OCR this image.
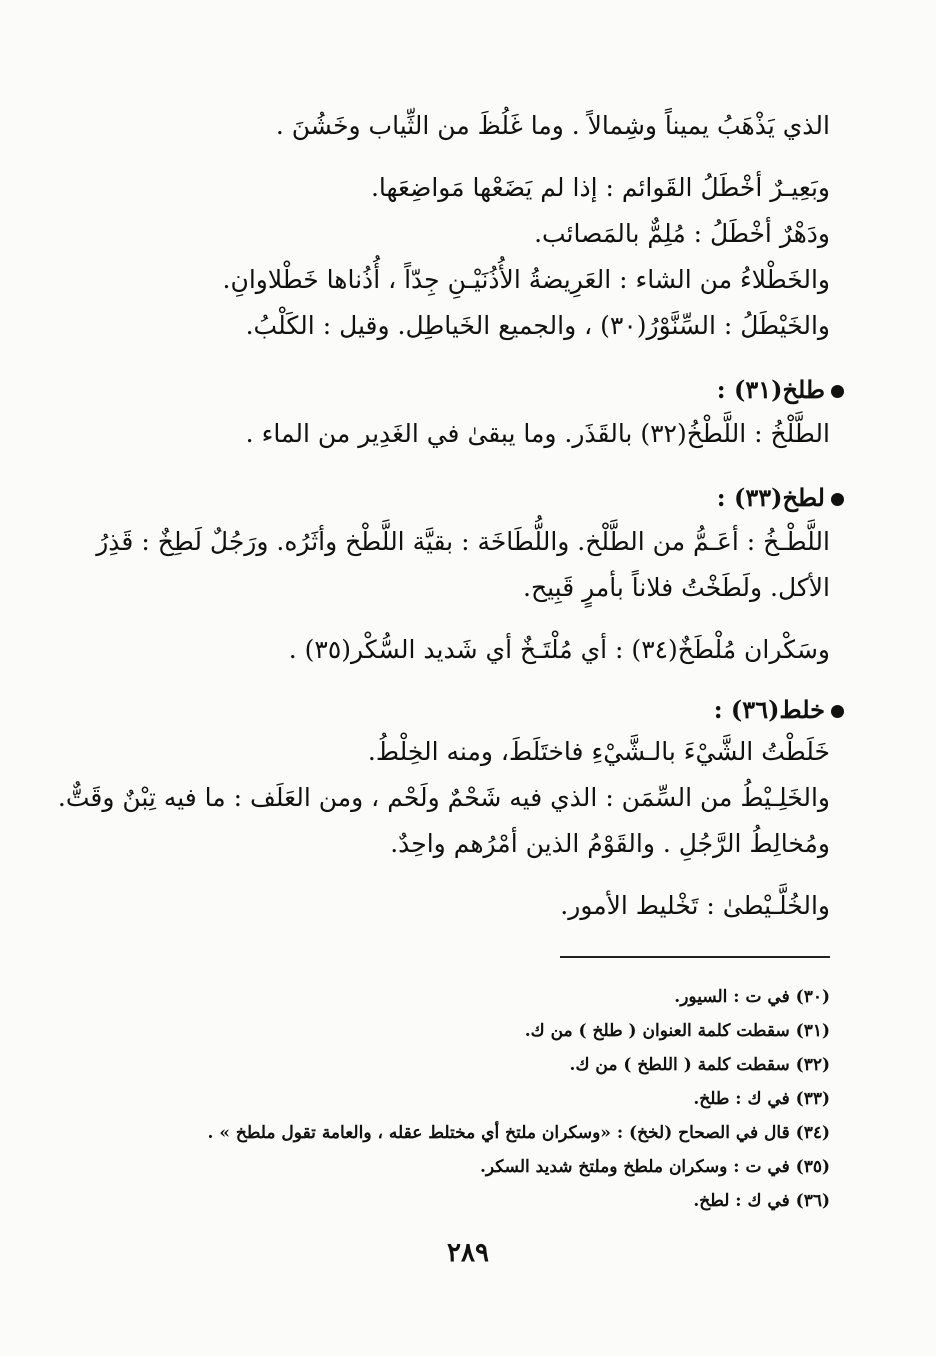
الذي يَذْهَبُ يميناً وشِمالاً . وما غَلُظَ من الثِّياب وخَشُنَ .
وبَعِيـرٌ أخْطَلُ القَوائم : إذا لم يَضَعْها مَواضِعَها.
ودَهْرٌ أخْطَلُ : مُلِمٌّ بالمَصائب.
والخَطْلاءُ من الشاء : العَرِيضةُ الأُذُنَيْـنِ جِدّاً ، أُذُناها خَطْلاوانِ.
والخَيْطَلُ : السِّنَّوْرُ(٣٠) ، والجميع الخَياطِل. وقيل : الكَلْبُ.
طلخ(٣١) :
الطَّلْخُ : اللَّطْخُ(٣٢) بالقَذَر. وما يبقىٰ في الغَدِير من الماء .
لطخ(٣٣) :
اللَّطْـخُ : أعَـمُّ من الطَّلْخ. واللُّطَاخَة : بقيَّة اللَّطْخ وأثَرُه. ورَجُلٌ لَطِخٌ : قَذِرُ
الأكل. ولَطَخْتُ فلاناً بأمرٍ قَبِيح.
وسَكْران مُلْطَخٌ(٣٤) : أي مُلْتَـخٌ أي شَديد السُّكْر(٣٥) .
خلط(٣٦) :
خَلَطْتُ الشَّيْءَ بالـشَّيْءِ فاختَلَطَ، ومنه الخِلْطُ.
والخَلِـيْطُ من السِّمَن : الذي فيه شَحْمٌ ولَحْم ، ومن العَلَف : ما فيه تِبْنٌ وقَتٌّ.
ومُخالِطُ الرَّجُلِ . والقَوْمُ الذين أمْرُهم واحِدٌ.
والخُلَّـيْطىٰ : تَخْليط الأمور.
(٣٠) في ت : السيور.
(٣١) سقطت كلمة العنوان ( طلخ ) من ك.
(٣٢) سقطت كلمة ( اللطخ ) من ك.
(٣٣) في ك : طلخ.
(٣٤) قال في الصحاح (لخخ) : «وسكران ملتخ أي مختلط عقله ، والعامة تقول ملطخ » .
(٣٥) في ت : وسكران ملطخ وملتخ شديد السكر.
(٣٦) في ك : لطخ.
٢٨٩
